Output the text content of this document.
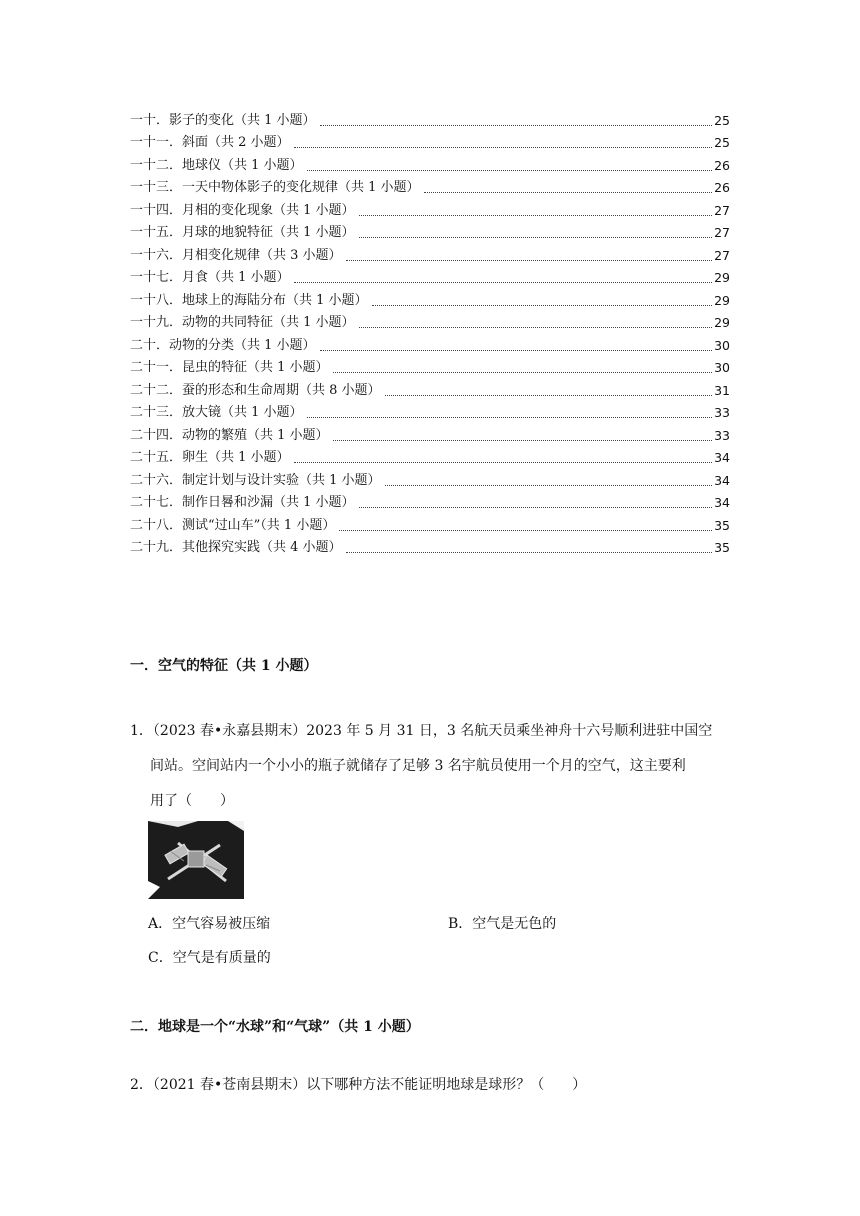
一十．影子的变化（共 1 小题）	25
一十一．斜面（共 2 小题）	25
一十二．地球仪（共 1 小题）	26
一十三．一天中物体影子的变化规律（共 1 小题）	26
一十四．月相的变化现象（共 1 小题）	27
一十五．月球的地貌特征（共 1 小题）	27
一十六．月相变化规律（共 3 小题）	27
一十七．月食（共 1 小题）	29
一十八．地球上的海陆分布（共 1 小题）	29
一十九．动物的共同特征（共 1 小题）	29
二十．动物的分类（共 1 小题）	30
二十一．昆虫的特征（共 1 小题）	30
二十二．蚕的形态和生命周期（共 8 小题）	31
二十三．放大镜（共 1 小题）	33
二十四．动物的繁殖（共 1 小题）	33
二十五．卵生（共 1 小题）	34
二十六．制定计划与设计实验（共 1 小题）	34
二十七．制作日晷和沙漏（共 1 小题）	34
二十八．测试“过山车”（共 1 小题）	35
二十九．其他探究实践（共 4 小题）	35
一．空气的特征（共 1 小题）
1．（2023 春•永嘉县期末）2023 年 5 月 31 日，3 名航天员乘坐神舟十六号顺利进驻中国空
间站。空间站内一个小小的瓶子就储存了足够 3 名宇航员使用一个月的空气，这主要利
用了（　　）
A．空气容易被压缩	B．空气是无色的
C．空气是有质量的
二．地球是一个“水球”和“气球”（共 1 小题）
2．（2021 春•苍南县期末）以下哪种方法不能证明地球是球形？（　　）
